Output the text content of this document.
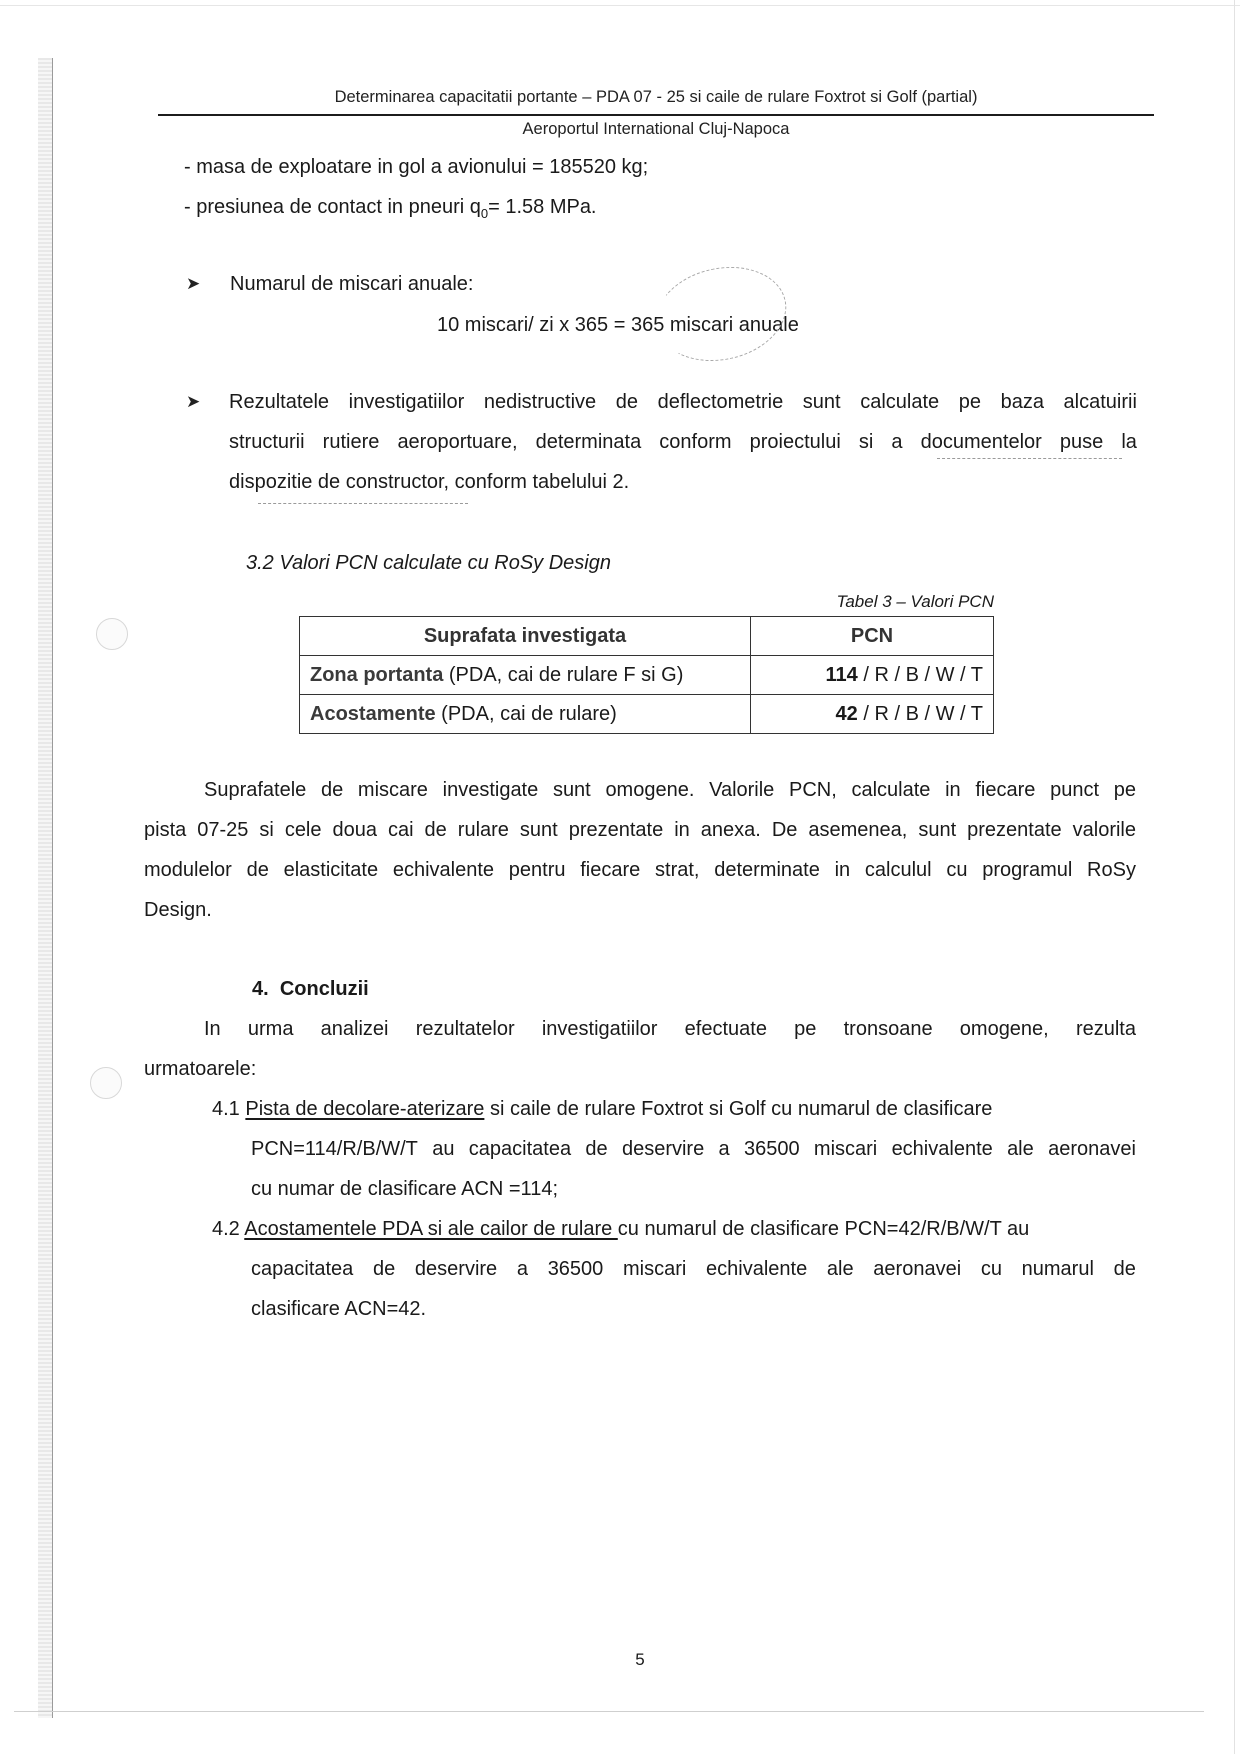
Determinarea capacitatii portante – PDA 07 - 25 si caile de rulare Foxtrot si Golf (partial)
Aeroportul International Cluj-Napoca
- masa de exploatare in gol a avionului = 185520 kg;
- presiunea de contact in pneuri $q_0= 1.58$ MPa.
➤ Numarul de miscari anuale:
10 miscari/ zi x 365 = 365 miscari anuale
➤ Rezultatele investigatiilor nedistructive de deflectometrie sunt calculate pe baza alcatuirii
structurii rutiere aeroportuare, determinata conform proiectului si a documentelor puse la
dispozitie de constructor, conform tabelului 2.
3.2 Valori PCN calculate cu RoSy Design
Tabel 3 – Valori PCN
Suprafata investigata	PCN
Zona portanta (PDA, cai de rulare F si G)	114 / R / B / W / T
Acostamente (PDA, cai de rulare)	42 / R / B / W / T
Suprafatele de miscare investigate sunt omogene. Valorile PCN, calculate in fiecare punct pe
pista 07-25 si cele doua cai de rulare sunt prezentate in anexa. De asemenea, sunt prezentate valorile
modulelor de elasticitate echivalente pentru fiecare strat, determinate in calculul cu programul RoSy
Design.
4. Concluzii
In urma analizei rezultatelor investigatiilor efectuate pe tronsoane omogene, rezulta
urmatoarele:
4.1 Pista de decolare-aterizare si caile de rulare Foxtrot si Golf cu numarul de clasificare
PCN=114/R/B/W/T au capacitatea de deservire a 36500 miscari echivalente ale aeronavei
cu numar de clasificare ACN =114;
4.2 Acostamentele PDA si ale cailor de rulare cu numarul de clasificare PCN=42/R/B/W/T au
capacitatea de deservire a 36500 miscari echivalente ale aeronavei cu numarul de
clasificare ACN=42.
5
